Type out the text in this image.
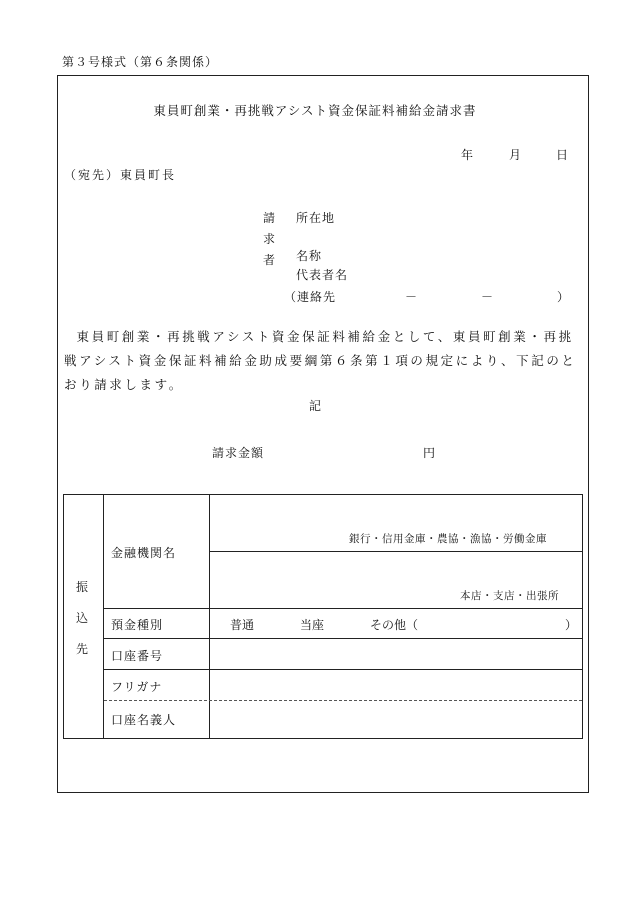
第３号様式（第６条関係）
東員町創業・再挑戦アシスト資金保証料補給金請求書
年	月	日
（宛先）東員町長
請
求
者
所在地
名称
代表者名
（連絡先	－	－	）
東員町創業・再挑戦アシスト資金保証料補給金として、東員町創業・再挑戦アシスト資金保証料補給金助成要綱第６条第１項の規定により、下記のとおり請求します。
記
請求金額	円
振
込
先
金融機関名
銀行・信用金庫・農協・漁協・労働金庫
本店・支店・出張所
預金種別	普通	当座	その他（	）
口座番号
フリガナ
口座名義人
